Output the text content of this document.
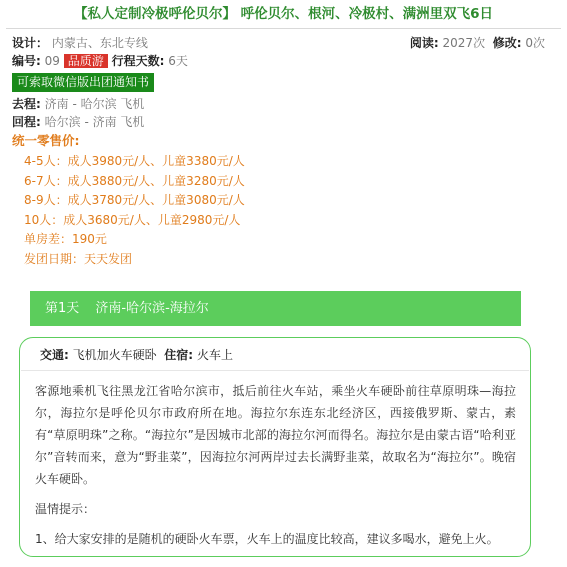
【私人定制冷极呼伦贝尔】 呼伦贝尔、根河、冷极村、满洲里双飞6日
设计： 内蒙古、东北专线	阅读: 2027次 修改: 0次
编号: 09 品质游 行程天数: 6天
可索取微信版出团通知书
去程: 济南 - 哈尔滨 飞机
回程: 哈尔滨 - 济南 飞机
统一零售价:
4-5人：成人3980元/人、儿童3380元/人
6-7人：成人3880元/人、儿童3280元/人
8-9人：成人3780元/人、儿童3080元/人
10人：成人3680元/人、儿童2980元/人
单房差：190元
发团日期：天天发团
第1天 济南-哈尔滨-海拉尔
交通: 飞机加火车硬卧 住宿: 火车上

客源地乘机飞往黑龙江省哈尔滨市，抵后前往火车站，乘坐火车硬卧前往草原明珠—海拉尔，海拉尔是呼伦贝尔市政府所在地。海拉尔东连东北经济区，西接俄罗斯、蒙古，素有“草原明珠”之称。“海拉尔”是因城市北部的海拉尔河而得名。海拉尔是由蒙古语“哈利亚尔”音转而来，意为“野韭菜”，因海拉尔河两岸过去长满野韭菜，故取名为“海拉尔”。晚宿火车硬卧。

温情提示：

1、给大家安排的是随机的硬卧火车票，火车上的温度比较高，建议多喝水，避免上火。
